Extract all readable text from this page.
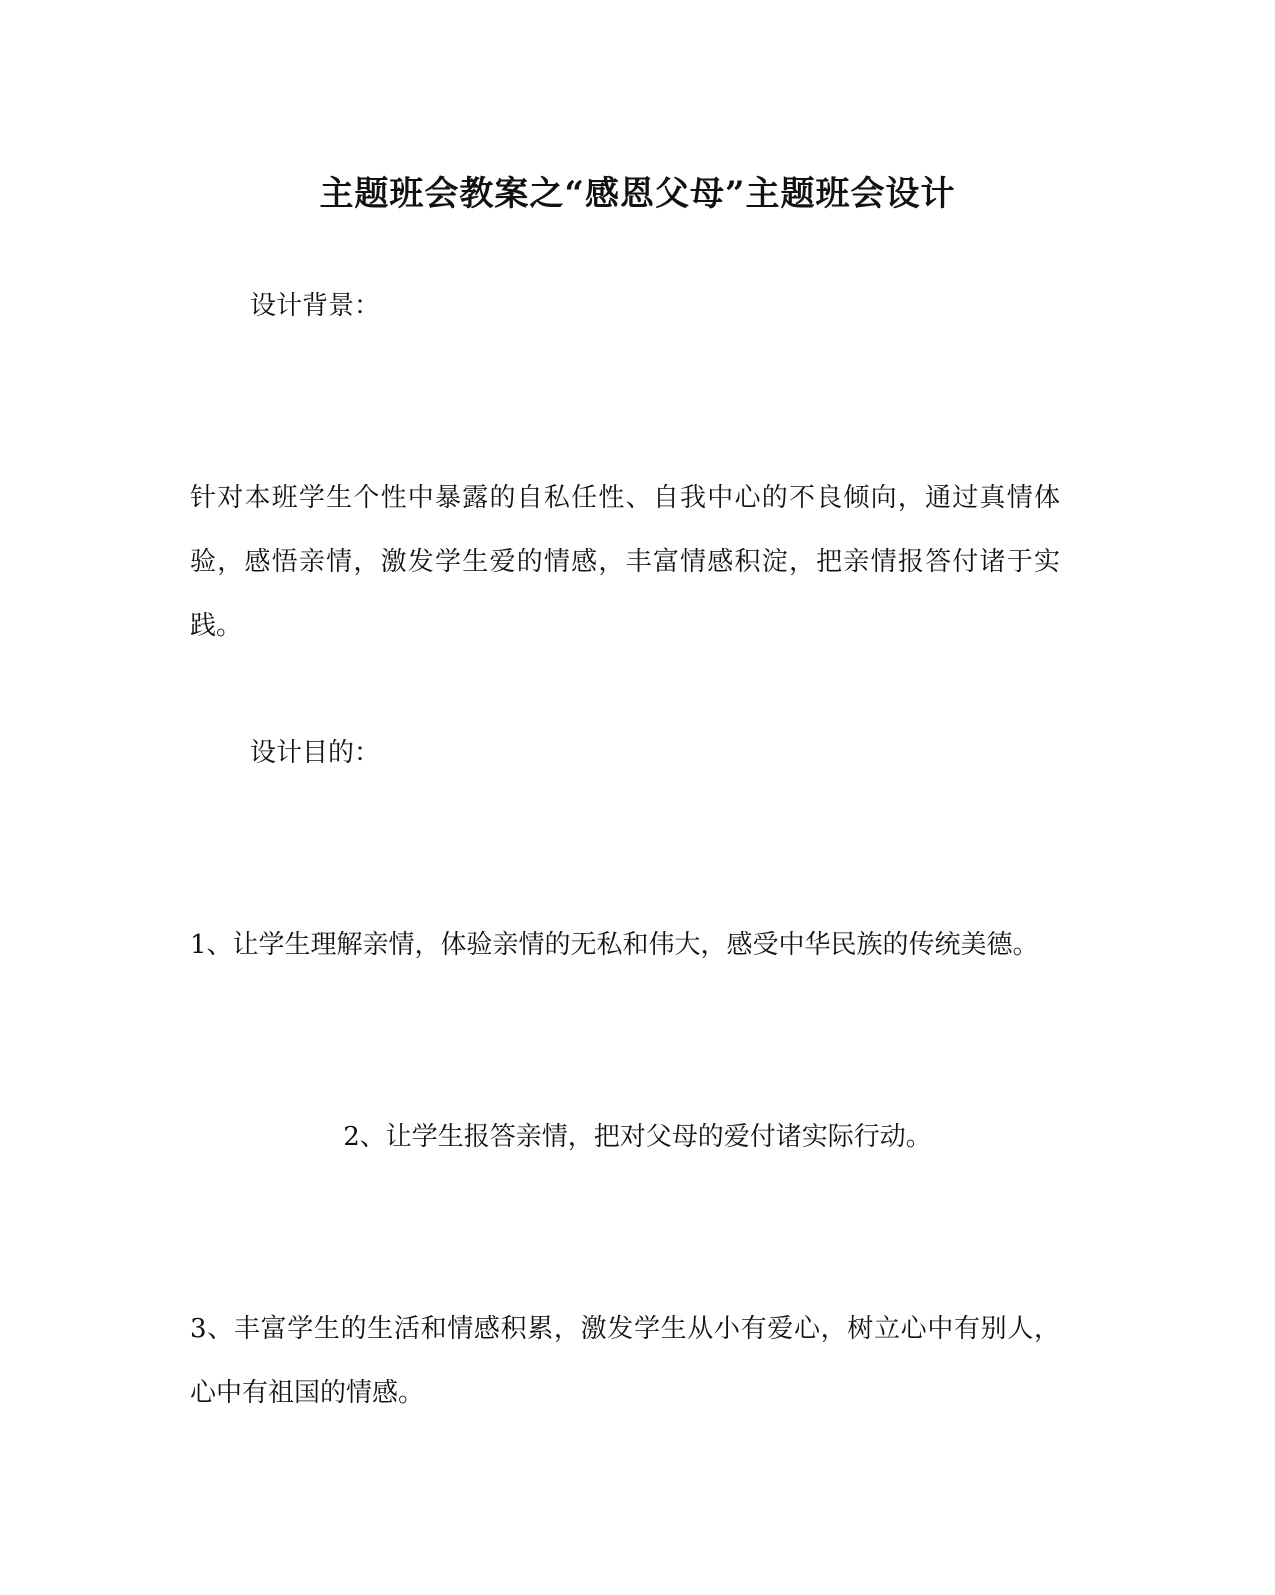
主题班会教案之“感恩父母”主题班会设计

设计背景：

针对本班学生个性中暴露的自私任性、自我中心的不良倾向，通过真情体验，感悟亲情，激发学生爱的情感，丰富情感积淀，把亲情报答付诸于实践。

设计目的：

1、让学生理解亲情，体验亲情的无私和伟大，感受中华民族的传统美德。

2、让学生报答亲情，把对父母的爱付诸实际行动。

3、丰富学生的生活和情感积累，激发学生从小有爱心，树立心中有别人，心中有祖国的情感。
